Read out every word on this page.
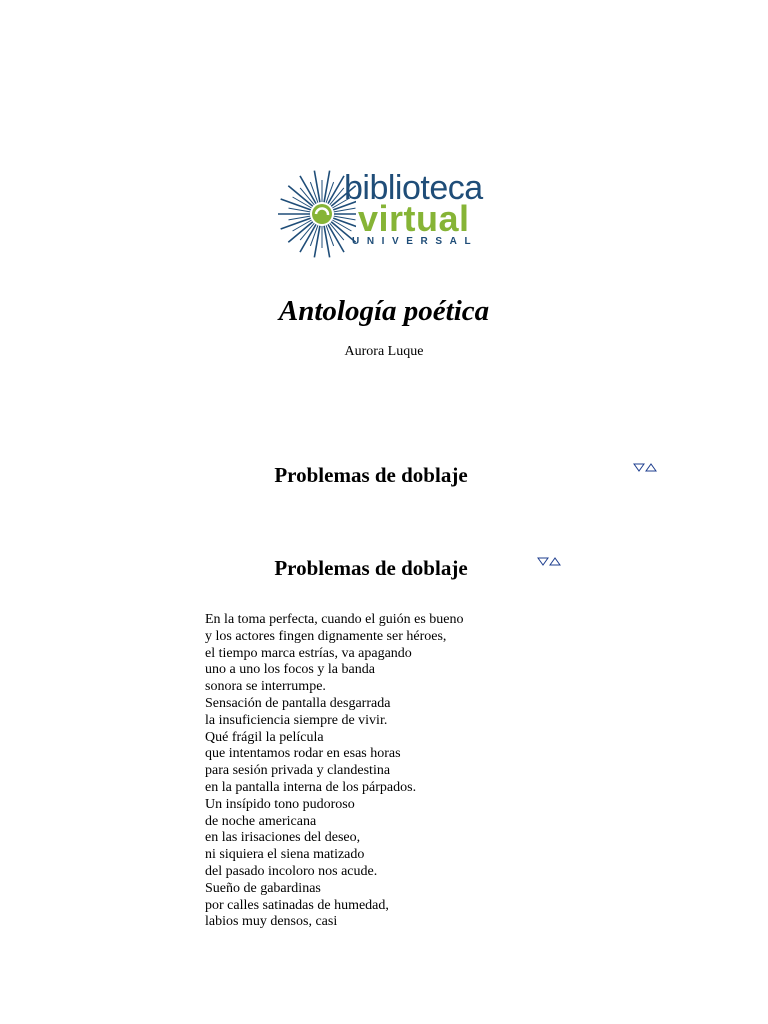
biblioteca
virtual
UNIVERSAL
Antología poética
Aurora Luque
Problemas de doblaje
Problemas de doblaje
En la toma perfecta, cuando el guión es bueno
y los actores fingen dignamente ser héroes,
el tiempo marca estrías, va apagando
uno a uno los focos y la banda
sonora se interrumpe.
Sensación de pantalla desgarrada
la insuficiencia siempre de vivir.
Qué frágil la película
que intentamos rodar en esas horas
para sesión privada y clandestina
en la pantalla interna de los párpados.
Un insípido tono pudoroso
de noche americana
en las irisaciones del deseo,
ni siquiera el siena matizado
del pasado incoloro nos acude.
Sueño de gabardinas
por calles satinadas de humedad,
labios muy densos, casi
